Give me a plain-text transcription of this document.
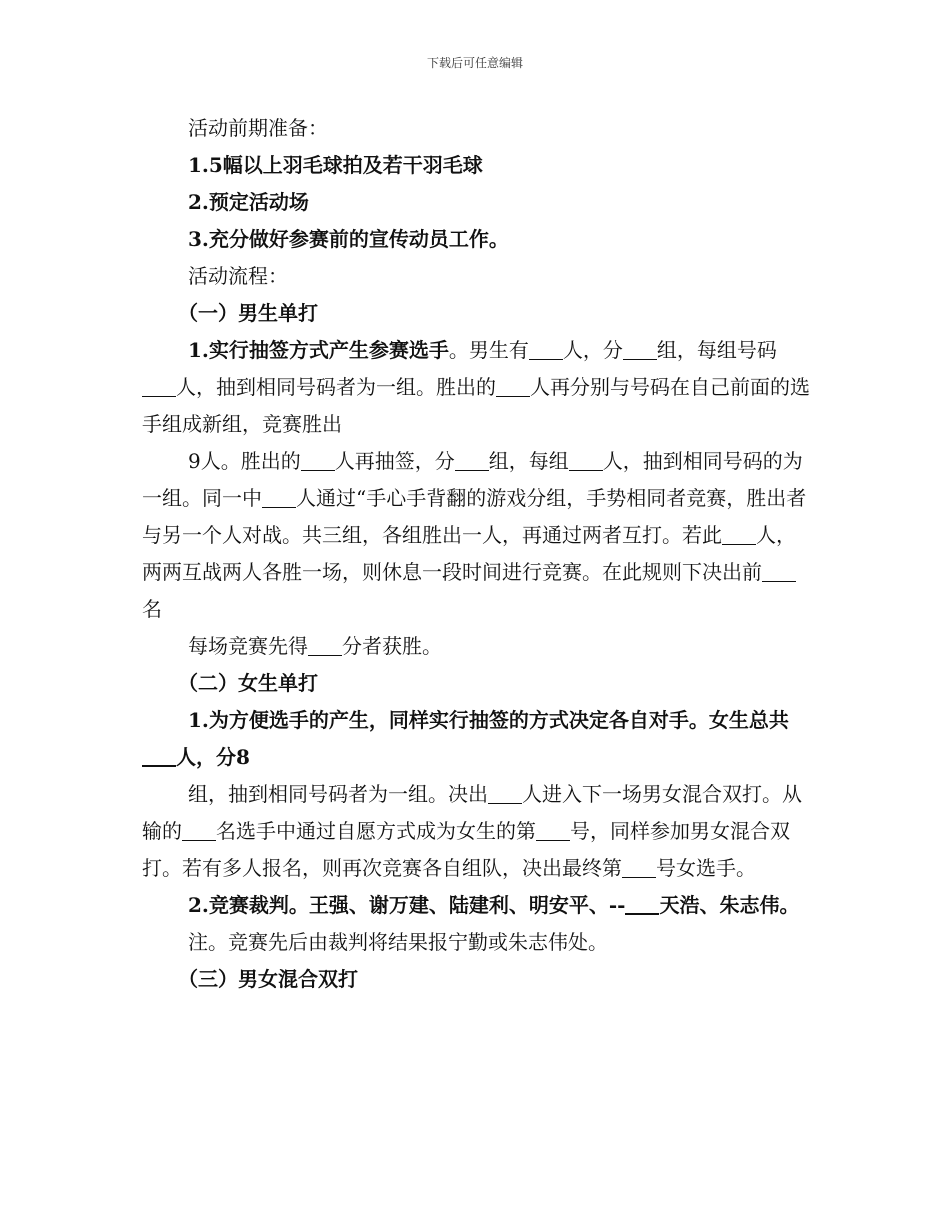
下载后可任意编辑

活动前期准备：

1.5幅以上羽毛球拍及若干羽毛球

2.预定活动场

3.充分做好参赛前的宣传动员工作。

活动流程：

（一）男生单打

1.实行抽签方式产生参赛选手。男生有 人，分 组，每组号码人，抽到相同号码者为一组。胜出的 人再分别与号码在自己前面的选手组成新组，竞赛胜出

9人。胜出的 人再抽签，分 组，每组 人，抽到相同号码的为一组。同一中 人通过“手心手背翻的游戏分组，手势相同者竞赛，胜出者与另一个人对战。共三组，各组胜出一人，再通过两者互打。若此 人，两两互战两人各胜一场，则休息一段时间进行竞赛。在此规则下决出前名

每场竞赛先得 分者获胜。

（二）女生单打

1.为方便选手的产生，同样实行抽签的方式决定各自对手。女生总共人，分8

组，抽到相同号码者为一组。决出 人进入下一场男女混合双打。从输的 名选手中通过自愿方式成为女生的第 号，同样参加男女混合双打。若有多人报名，则再次竞赛各自组队，决出最终第 号女选手。

2.竞赛裁判。王强、谢万建、陆建利、明安平、-- 天浩、朱志伟。

注。竞赛先后由裁判将结果报宁勤或朱志伟处。

（三）男女混合双打
